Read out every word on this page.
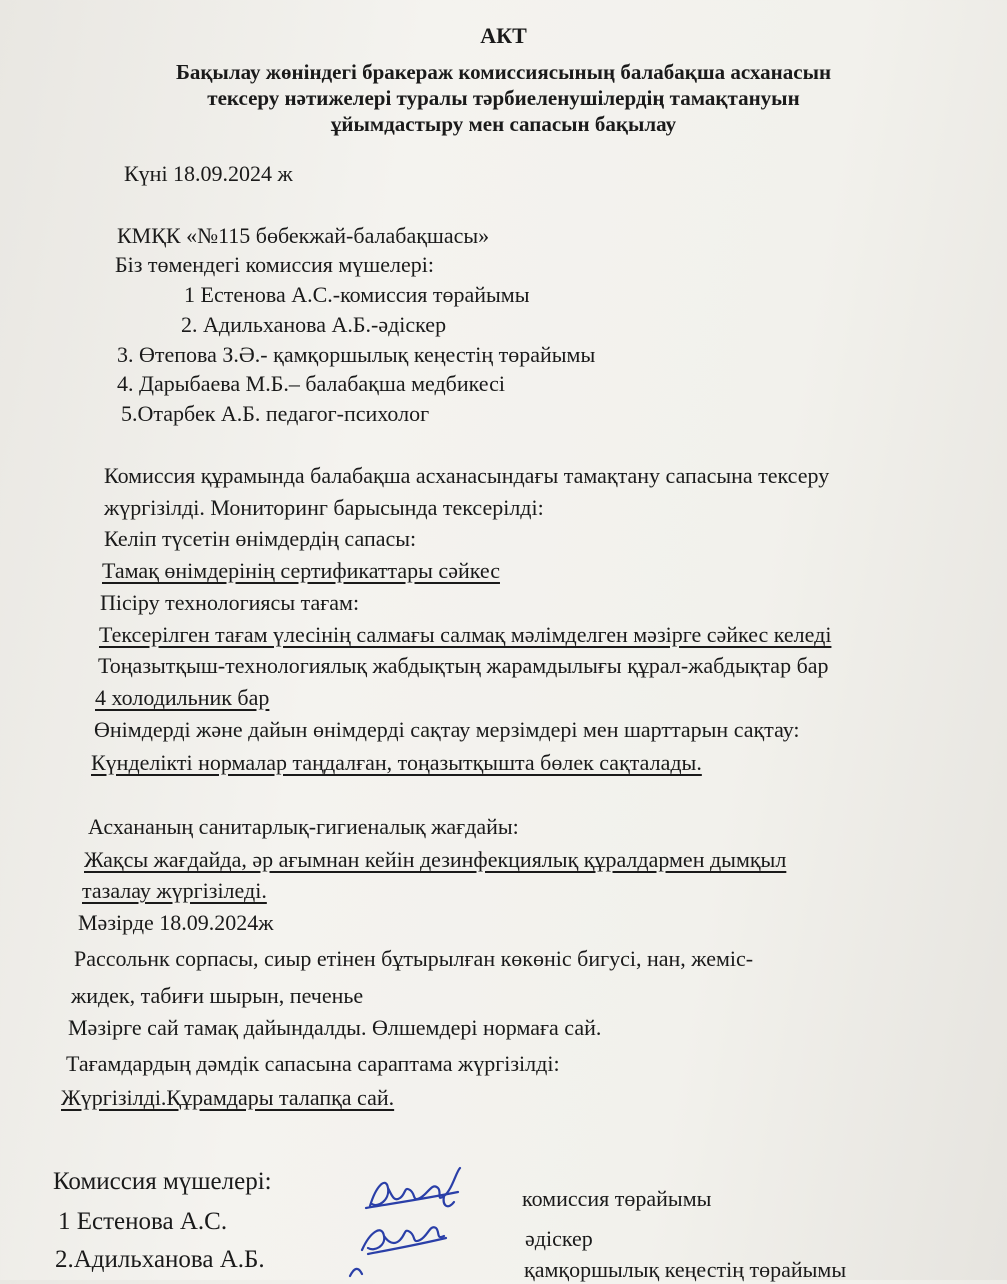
АКТ
Бақылау жөніндегі бракераж комиссиясының балабақша асханасын
тексеру нәтижелері туралы тәрбиеленушілердің тамақтануын
ұйымдастыру мен сапасын бақылау
Күні 18.09.2024 ж
КМҚК «№115 бөбекжай-балабақшасы»
Біз төмендегі комиссия мүшелері:
1 Естенова А.С.-комиссия төрайымы
2. Адильханова А.Б.-әдіскер
3. Өтепова З.Ә.- қамқоршылық кеңестің төрайымы
4. Дарыбаева М.Б.– балабақша медбикесі
5.Отарбек А.Б. педагог-психолог
Комиссия құрамында балабақша асханасындағы тамақтану сапасына тексеру
жүргізілді. Мониторинг барысында тексерілді:
Келіп түсетін өнімдердің сапасы:
Тамақ өнімдерінің сертификаттары сәйкес
Пісіру технологиясы тағам:
Тексерілген тағам үлесінің салмағы салмақ мәлімделген мәзірге сәйкес келеді
Тоңазытқыш-технологиялық жабдықтың жарамдылығы құрал-жабдықтар бар
4 холодильник бар
Өнімдерді және дайын өнімдерді сақтау мерзімдері мен шарттарын сақтау:
Күнделікті нормалар таңдалған, тоңазытқышта бөлек сақталады.
Асхананың санитарлық-гигиеналық жағдайы:
Жақсы жағдайда, әр ағымнан кейін дезинфекциялық құралдармен дымқыл
тазалау жүргізіледі.
Мәзірде 18.09.2024ж
Рассольнк сорпасы, сиыр етінен бұтырылған көкөніс бигусі, нан, жеміс-
жидек, табиғи шырын, печенье
Мәзірге сай тамақ дайындалды. Өлшемдері нормаға сай.
Тағамдардың дәмдік сапасына сараптама жүргізілді:
Жүргізілді.Құрамдары талапқа сай.
Комиссия мүшелері:
1 Естенова А.С.
2.Адильханова А.Б.
комиссия төрайымы
әдіскер
қамқоршылық кеңестің төрайымы
